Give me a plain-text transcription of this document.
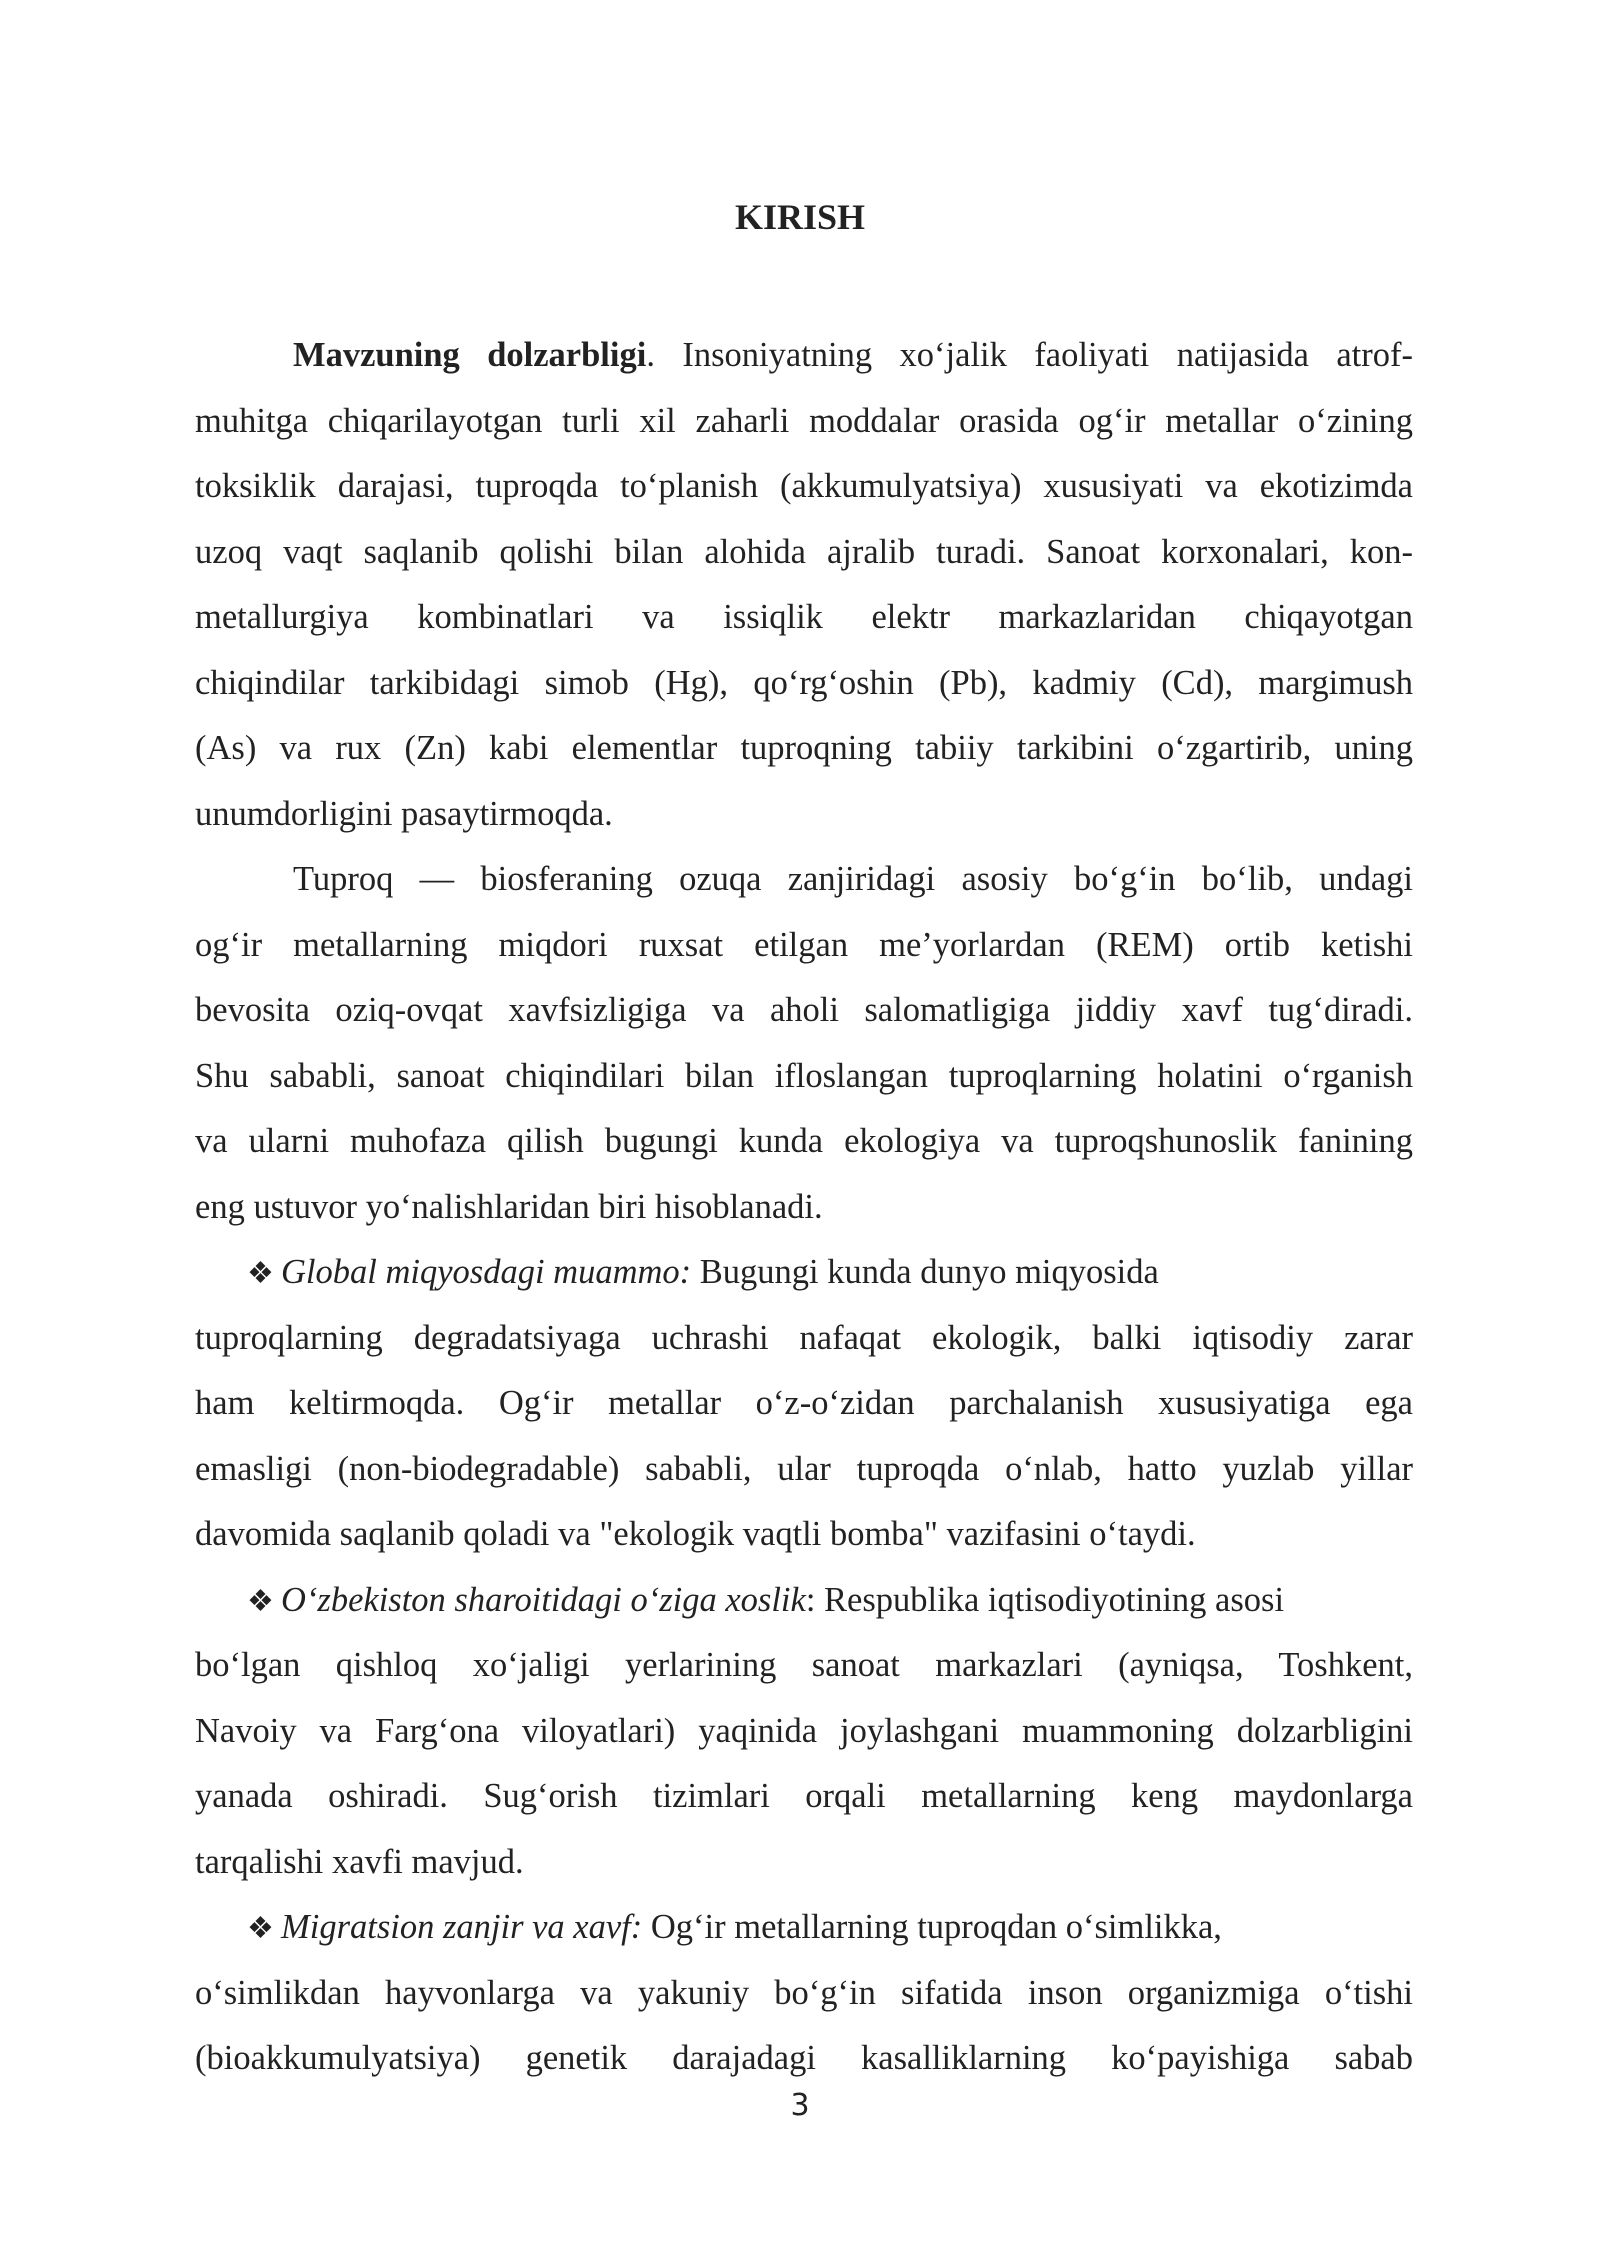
KIRISH
Mavzuning dolzarbligi. Insoniyatning xo‘jalik faoliyati natijasida atrof-
muhitga chiqarilayotgan turli xil zaharli moddalar orasida og‘ir metallar o‘zining
toksiklik darajasi, tuproqda to‘planish (akkumulyatsiya) xususiyati va ekotizimda
uzoq vaqt saqlanib qolishi bilan alohida ajralib turadi. Sanoat korxonalari, kon-
metallurgiya kombinatlari va issiqlik elektr markazlaridan chiqayotgan
chiqindilar tarkibidagi simob (Hg), qo‘rg‘oshin (Pb), kadmiy (Cd), margimush
(As) va rux (Zn) kabi elementlar tuproqning tabiiy tarkibini o‘zgartirib, uning
unumdorligini pasaytirmoqda.
Tuproq — biosferaning ozuqa zanjiridagi asosiy bo‘g‘in bo‘lib, undagi
og‘ir metallarning miqdori ruxsat etilgan me’yorlardan (REM) ortib ketishi
bevosita oziq-ovqat xavfsizligiga va aholi salomatligiga jiddiy xavf tug‘diradi.
Shu sababli, sanoat chiqindilari bilan ifloslangan tuproqlarning holatini o‘rganish
va ularni muhofaza qilish bugungi kunda ekologiya va tuproqshunoslik fanining
eng ustuvor yo‘nalishlaridan biri hisoblanadi.
❖ Global miqyosdagi muammo: Bugungi kunda dunyo miqyosida
tuproqlarning degradatsiyaga uchrashi nafaqat ekologik, balki iqtisodiy zarar
ham keltirmoqda. Og‘ir metallar o‘z-o‘zidan parchalanish xususiyatiga ega
emasligi (non-biodegradable) sababli, ular tuproqda o‘nlab, hatto yuzlab yillar
davomida saqlanib qoladi va "ekologik vaqtli bomba" vazifasini o‘taydi.
❖ O‘zbekiston sharoitidagi o‘ziga xoslik: Respublika iqtisodiyotining asosi
bo‘lgan qishloq xo‘jaligi yerlarining sanoat markazlari (ayniqsa, Toshkent,
Navoiy va Farg‘ona viloyatlari) yaqinida joylashgani muammoning dolzarbligini
yanada oshiradi. Sug‘orish tizimlari orqali metallarning keng maydonlarga
tarqalishi xavfi mavjud.
❖ Migratsion zanjir va xavf: Og‘ir metallarning tuproqdan o‘simlikka,
o‘simlikdan hayvonlarga va yakuniy bo‘g‘in sifatida inson organizmiga o‘tishi
(bioakkumulyatsiya) genetik darajadagi kasalliklarning ko‘payishiga sabab
3
